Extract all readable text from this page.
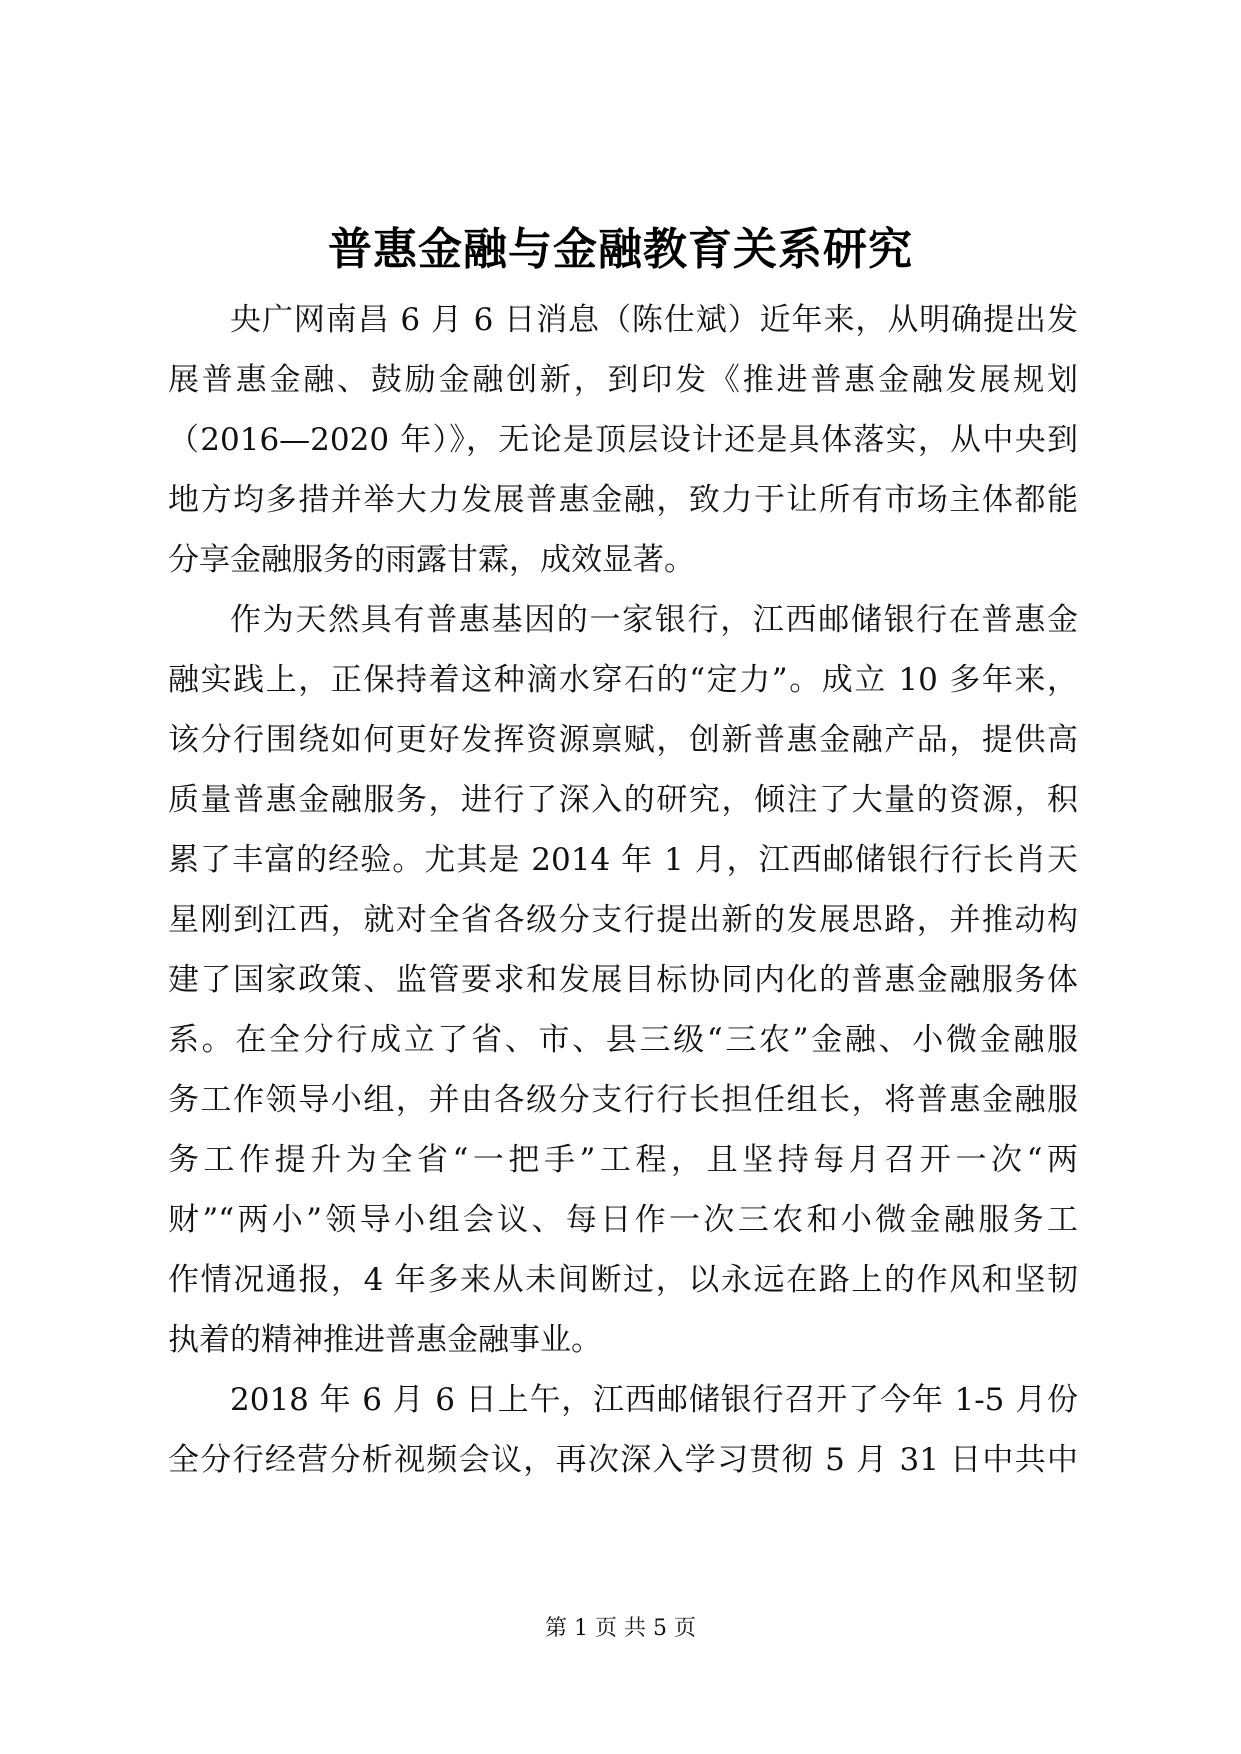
普惠金融与金融教育关系研究
央广网南昌 6 月 6 日消息（陈仕斌）近年来，从明确提出发
展普惠金融、鼓励金融创新，到印发《推进普惠金融发展规划
（2016—2020 年）》，无论是顶层设计还是具体落实，从中央到
地方均多措并举大力发展普惠金融，致力于让所有市场主体都能
分享金融服务的雨露甘霖，成效显著。
作为天然具有普惠基因的一家银行，江西邮储银行在普惠金
融实践上，正保持着这种滴水穿石的“定力”。成立 10 多年来，
该分行围绕如何更好发挥资源禀赋，创新普惠金融产品，提供高
质量普惠金融服务，进行了深入的研究，倾注了大量的资源，积
累了丰富的经验。尤其是 2014 年 1 月，江西邮储银行行长肖天
星刚到江西，就对全省各级分支行提出新的发展思路，并推动构
建了国家政策、监管要求和发展目标协同内化的普惠金融服务体
系。在全分行成立了省、市、县三级“三农”金融、小微金融服
务工作领导小组，并由各级分支行行长担任组长，将普惠金融服
务工作提升为全省“一把手”工程，且坚持每月召开一次“两
财”“两小”领导小组会议、每日作一次三农和小微金融服务工
作情况通报，4 年多来从未间断过，以永远在路上的作风和坚韧
执着的精神推进普惠金融事业。
2018 年 6 月 6 日上午，江西邮储银行召开了今年 1-5 月份
全分行经营分析视频会议，再次深入学习贯彻 5 月 31 日中共中
第 1 页 共 5 页
